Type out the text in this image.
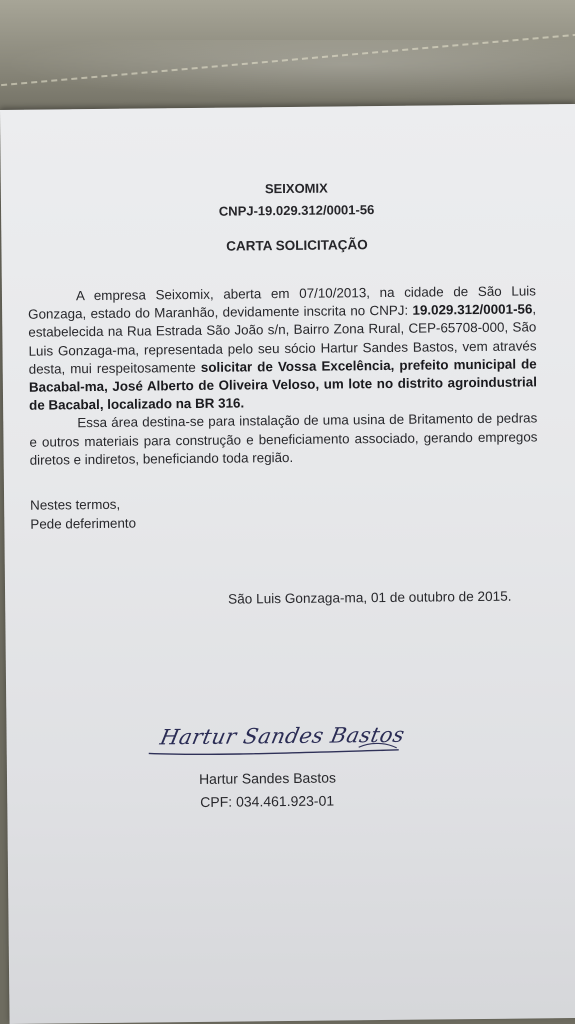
SEIXOMIX
CNPJ-19.029.312/0001-56
CARTA SOLICITAÇÃO

A empresa Seixomix, aberta em 07/10/2013, na cidade de São Luis Gonzaga, estado do Maranhão, devidamente inscrita no CNPJ: 19.029.312/0001-56, estabelecida na Rua Estrada São João s/n, Bairro Zona Rural, CEP-65708-000, São Luis Gonzaga-ma, representada pelo seu sócio Hartur Sandes Bastos, vem através desta, mui respeitosamente solicitar de Vossa Excelência, prefeito municipal de Bacabal-ma, José Alberto de Oliveira Veloso, um lote no distrito agroindustrial de Bacabal, localizado na BR 316.

Essa área destina-se para instalação de uma usina de Britamento de pedras e outros materiais para construção e beneficiamento associado, gerando empregos diretos e indiretos, beneficiando toda região.

Nestes termos,
Pede deferimento
São Luis Gonzaga-ma, 01 de outubro de 2015.
Hartur Sandes Bastos
Hartur Sandes Bastos
CPF: 034.461.923-01
